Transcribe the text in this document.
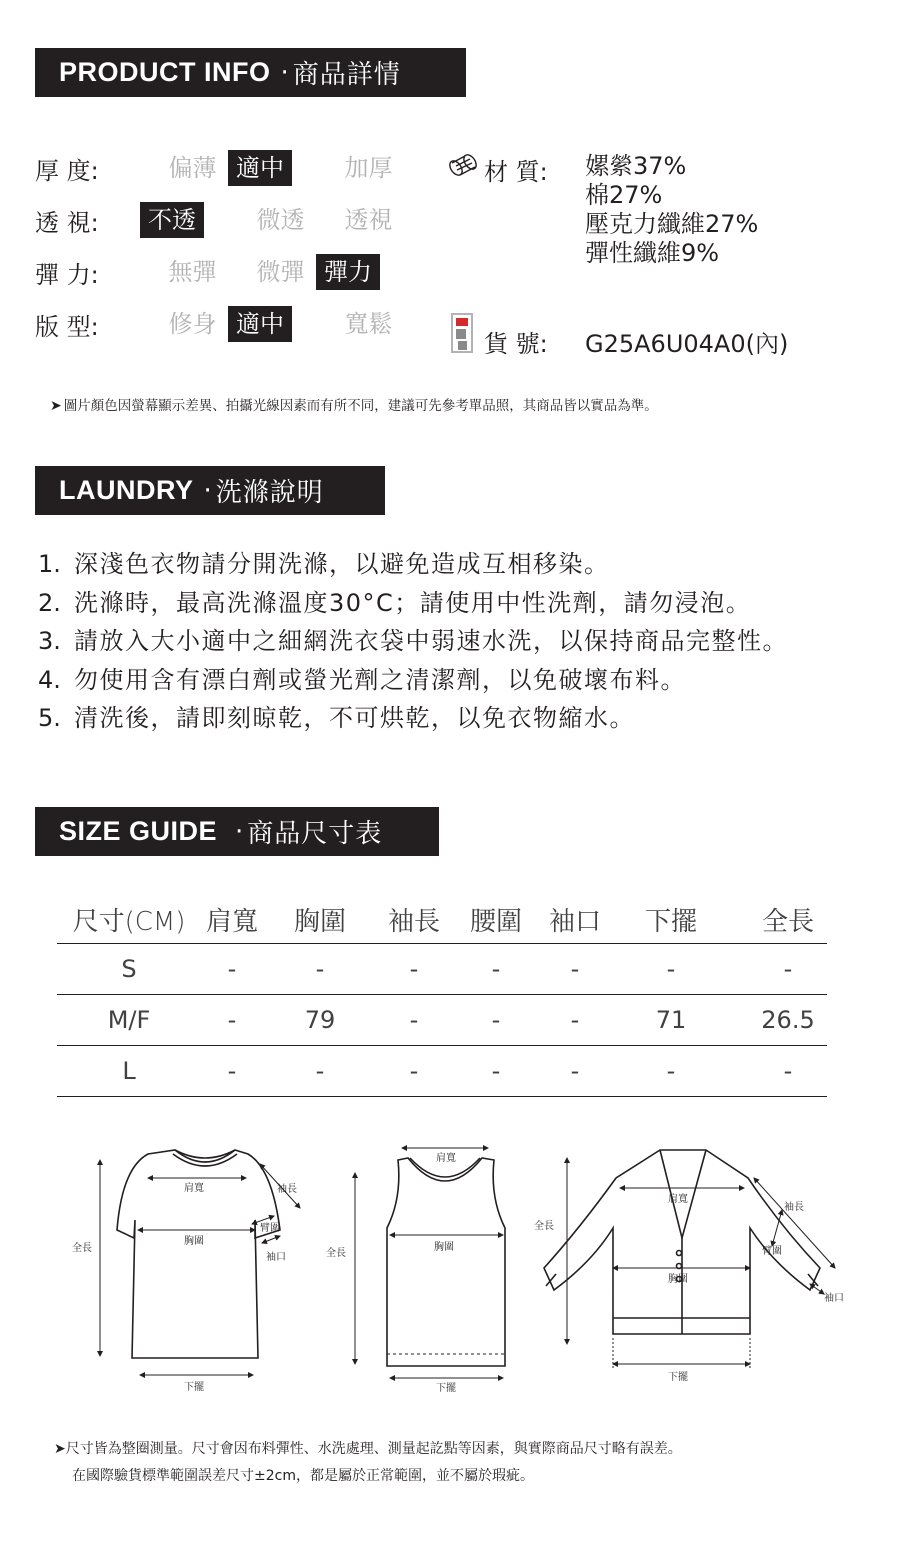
PRODUCT INFO · 商品詳情
厚 度:	偏薄 適中	加厚
透 視:	不透	微透	透視
彈 力:	無彈	微彈 彈力
版 型:	修身 適中	寬鬆
材 質:	嫘縈37%
棉27%
壓克力纖維27%
彈性纖維9%
貨 號: G25A6U04A0(內)
➤ 圖片顏色因螢幕顯示差異、拍攝光線因素而有所不同，建議可先參考單品照，其商品皆以實品為準。
LAUNDRY · 洗滌說明
1. 深淺色衣物請分開洗滌，以避免造成互相移染。
2. 洗滌時，最高洗滌溫度30°C；請使用中性洗劑，請勿浸泡。
3. 請放入大小適中之細網洗衣袋中弱速水洗，以保持商品完整性。
4. 勿使用含有漂白劑或螢光劑之清潔劑，以免破壞布料。
5. 清洗後，請即刻晾乾，不可烘乾，以免衣物縮水。
SIZE GUIDE · 商品尺寸表
尺寸(CM) 肩寬	胸圍	袖長	腰圍	袖口	下擺	全長
S	-	-	-	-	-	-	-
M/F	-	79	-	-	-	71	26.5
L	-	-	-	-	-	-	-
肩寬
胸圍
袖長
臂圍
袖口
全長
下擺
肩寬
胸圍
全長
下擺
肩寬
胸圍
袖長
臂圍
袖口
全長
下擺
➤尺寸皆為整圈測量。尺寸會因布料彈性、水洗處理、測量起訖點等因素，與實際商品尺寸略有誤差。
在國際驗貨標準範圍誤差尺寸±2cm，都是屬於正常範圍，並不屬於瑕疵。
